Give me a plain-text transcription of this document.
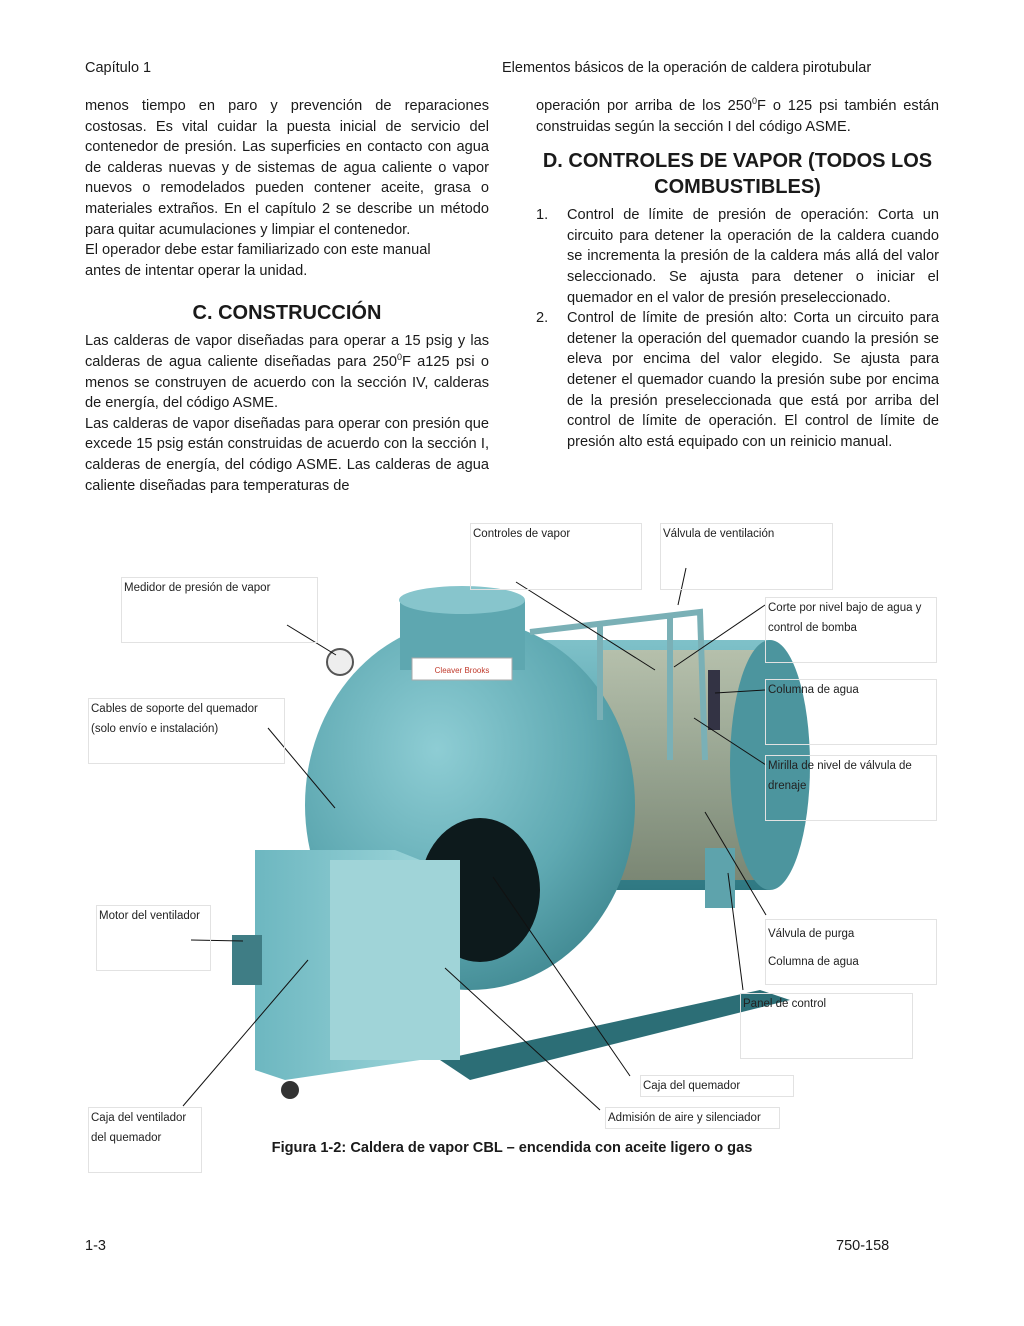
Capítulo 1	Elementos básicos de la operación de caldera pirotubular

menos tiempo en paro y prevención de reparaciones costosas. Es vital cuidar la puesta inicial de servicio del contenedor de presión. Las superficies en contacto con agua de calderas nuevas y de sistemas de agua caliente o vapor nuevos o remodelados pueden contener aceite, grasa o materiales extraños. En el capítulo 2 se describe un método para quitar acumulaciones y limpiar el contenedor.

El operador debe estar familiarizado con este manual
antes de intentar operar la unidad.

C. CONSTRUCCIÓN

Las calderas de vapor diseñadas para operar a 15 psig y las calderas de agua caliente diseñadas para $250^0F$ a125 psi o menos se construyen de acuerdo con la sección IV, calderas de energía, del código ASME.

Las calderas de vapor diseñadas para operar con presión que excede 15 psig están construidas de acuerdo con la sección I, calderas de energía, del código ASME. Las calderas de agua caliente diseñadas para temperaturas de

operación por arriba de los $250^0F$ o 125 psi también están construidas según la sección I del código ASME.

D. CONTROLES DE VAPOR (TODOS LOS COMBUSTIBLES)
1. Control de límite de presión de operación: Corta un circuito para detener la operación de la caldera cuando se incrementa la presión de la caldera más allá del valor seleccionado. Se ajusta para detener o iniciar el quemador en el valor de presión preseleccionado.
2. Control de límite de presión alto: Corta un circuito para detener la operación del quemador cuando la presión se eleva por encima del valor elegido. Se ajusta para detener el quemador cuando la presión sube por encima de la presión preseleccionada que está por arriba del control de límite de operación. El control de límite de presión alto está equipado con un reinicio manual.
Cleaver Brooks
Controles de vapor	Válvula de ventilación
Medidor de presión de vapor
Corte por nivel bajo de agua y control de bomba
Columna de agua
Cables de soporte del quemador (solo envío e instalación)
Mirilla de nivel de válvula de drenaje
Motor del ventilador
Válvula de purga
Columna de agua
Panel de control
Caja del quemador
Caja del ventilador del quemador
Admisión de aire y silenciador
Figura 1-2: Caldera de vapor CBL – encendida con aceite ligero o gas
1-3	750-158
